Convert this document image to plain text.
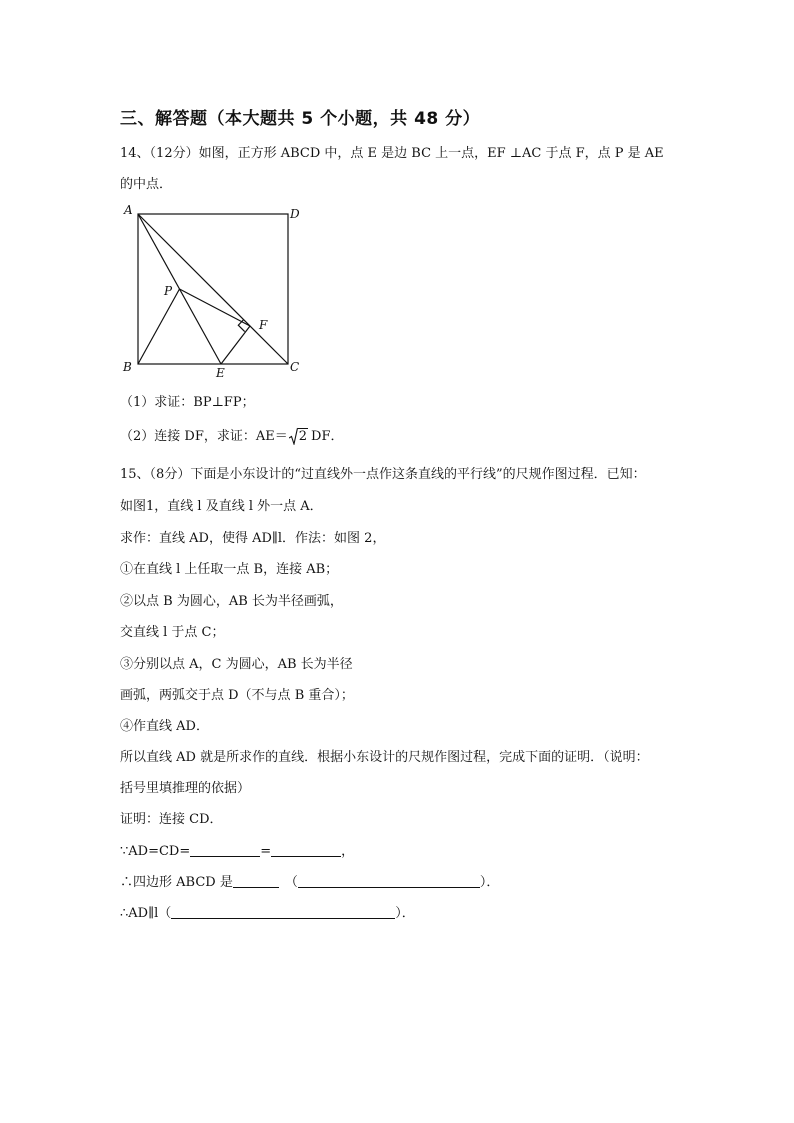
三、解答题（本大题共 5 个小题，共 48 分）
14、（12分）如图，正方形 ABCD 中，点 E 是边 BC 上一点，EF ⊥AC 于点 F，点 P 是 AE
的中点．
A	D
B	C
E
F
P
（1）求证：BP⊥FP；
（2）连接 DF，求证：AE＝ 2 DF．
15、（8分）下面是小东设计的“过直线外一点作这条直线的平行线”的尺规作图过程．已知：
如图1，直线 l 及直线 l 外一点 A．
求作：直线 AD，使得 AD∥l．作法：如图 2，
①在直线 l 上任取一点 B，连接 AB；
②以点 B 为圆心，AB 长为半径画弧，
交直线 l 于点 C；
③分别以点 A，C 为圆心，AB 长为半径
画弧，两弧交于点 D（不与点 B 重合）；
④作直线 AD．
所以直线 AD 就是所求作的直线．根据小东设计的尺规作图过程，完成下面的证明．（说明：
括号里填推理的依据）
证明：连接 CD．
∵AD=CD=	=	，
∴四边形 ABCD 是	（	）．
∴AD∥l（	）．
